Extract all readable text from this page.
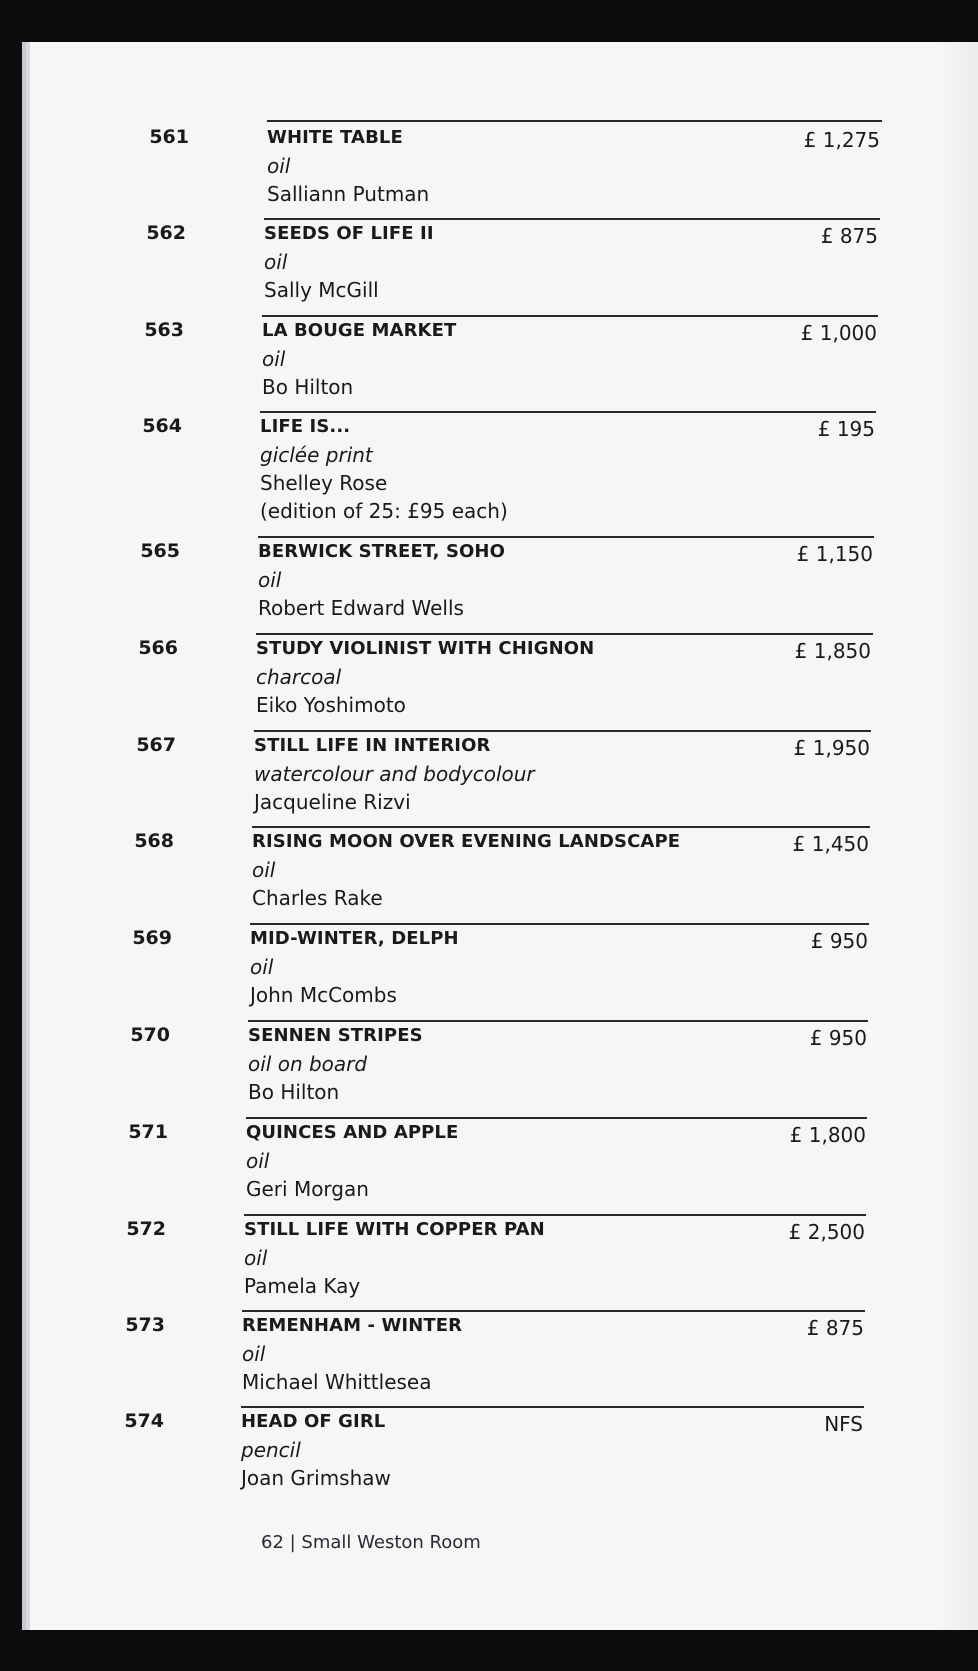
561	WHITE TABLE
oil
Salliann Putman
£ 1,275
562	SEEDS OF LIFE II
oil
Sally McGill
£ 875
563	LA BOUGE MARKET
oil
Bo Hilton
£ 1,000
564	LIFE IS...
giclée print
Shelley Rose
(edition of 25: £95 each)
£ 195
565	BERWICK STREET, SOHO
oil
Robert Edward Wells
£ 1,150
566	STUDY VIOLINIST WITH CHIGNON
charcoal
Eiko Yoshimoto
£ 1,850
567	STILL LIFE IN INTERIOR
watercolour and bodycolour
Jacqueline Rizvi
£ 1,950
568	RISING MOON OVER EVENING LANDSCAPE
oil
Charles Rake
£ 1,450
569	MID-WINTER, DELPH
oil
John McCombs
£ 950
570	SENNEN STRIPES
oil on board
Bo Hilton
£ 950
571	QUINCES AND APPLE
oil
Geri Morgan
£ 1,800
572	STILL LIFE WITH COPPER PAN
oil
Pamela Kay
£ 2,500
573	REMENHAM - WINTER
oil
Michael Whittlesea
£ 875
574	HEAD OF GIRL
pencil
Joan Grimshaw
NFS
62 | Small Weston Room
